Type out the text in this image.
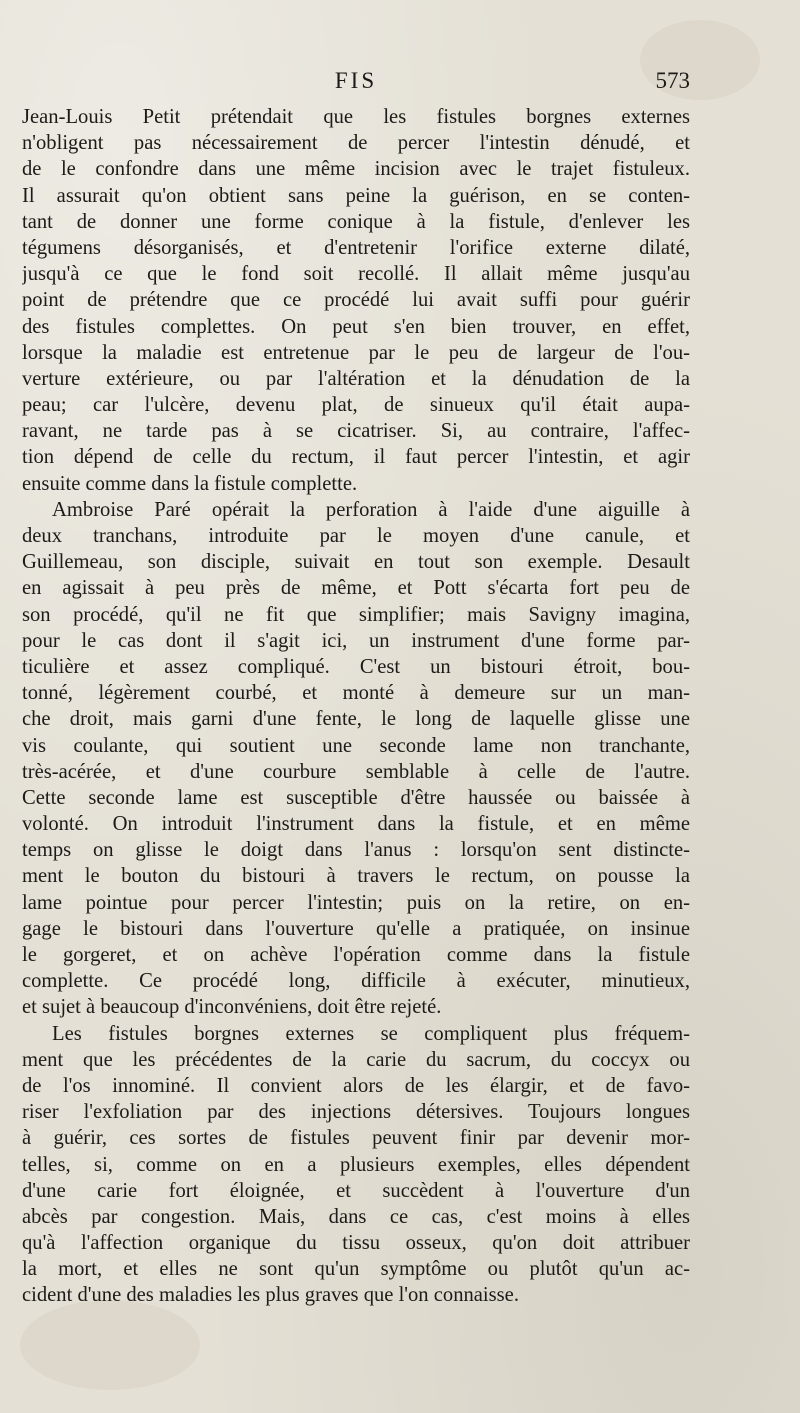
FIS	573
Jean-Louis Petit prétendait que les fistules borgnes externes
n'obligent pas nécessairement de percer l'intestin dénudé, et
de le confondre dans une même incision avec le trajet fistuleux.
Il assurait qu'on obtient sans peine la guérison, en se conten-
tant de donner une forme conique à la fistule, d'enlever les
tégumens désorganisés, et d'entretenir l'orifice externe dilaté,
jusqu'à ce que le fond soit recollé. Il allait même jusqu'au
point de prétendre que ce procédé lui avait suffi pour guérir
des fistules complettes. On peut s'en bien trouver, en effet,
lorsque la maladie est entretenue par le peu de largeur de l'ou-
verture extérieure, ou par l'altération et la dénudation de la
peau; car l'ulcère, devenu plat, de sinueux qu'il était aupa-
ravant, ne tarde pas à se cicatriser. Si, au contraire, l'affec-
tion dépend de celle du rectum, il faut percer l'intestin, et agir
ensuite comme dans la fistule complette.
Ambroise Paré opérait la perforation à l'aide d'une aiguille à
deux tranchans, introduite par le moyen d'une canule, et
Guillemeau, son disciple, suivait en tout son exemple. Desault
en agissait à peu près de même, et Pott s'écarta fort peu de
son procédé, qu'il ne fit que simplifier; mais Savigny imagina,
pour le cas dont il s'agit ici, un instrument d'une forme par-
ticulière et assez compliqué. C'est un bistouri étroit, bou-
tonné, légèrement courbé, et monté à demeure sur un man-
che droit, mais garni d'une fente, le long de laquelle glisse une
vis coulante, qui soutient une seconde lame non tranchante,
très-acérée, et d'une courbure semblable à celle de l'autre.
Cette seconde lame est susceptible d'être haussée ou baissée à
volonté. On introduit l'instrument dans la fistule, et en même
temps on glisse le doigt dans l'anus : lorsqu'on sent distincte-
ment le bouton du bistouri à travers le rectum, on pousse la
lame pointue pour percer l'intestin; puis on la retire, on en-
gage le bistouri dans l'ouverture qu'elle a pratiquée, on insinue
le gorgeret, et on achève l'opération comme dans la fistule
complette. Ce procédé long, difficile à exécuter, minutieux,
et sujet à beaucoup d'inconvéniens, doit être rejeté.
Les fistules borgnes externes se compliquent plus fréquem-
ment que les précédentes de la carie du sacrum, du coccyx ou
de l'os innominé. Il convient alors de les élargir, et de favo-
riser l'exfoliation par des injections détersives. Toujours longues
à guérir, ces sortes de fistules peuvent finir par devenir mor-
telles, si, comme on en a plusieurs exemples, elles dépendent
d'une carie fort éloignée, et succèdent à l'ouverture d'un
abcès par congestion. Mais, dans ce cas, c'est moins à elles
qu'à l'affection organique du tissu osseux, qu'on doit attribuer
la mort, et elles ne sont qu'un symptôme ou plutôt qu'un ac-
cident d'une des maladies les plus graves que l'on connaisse.
